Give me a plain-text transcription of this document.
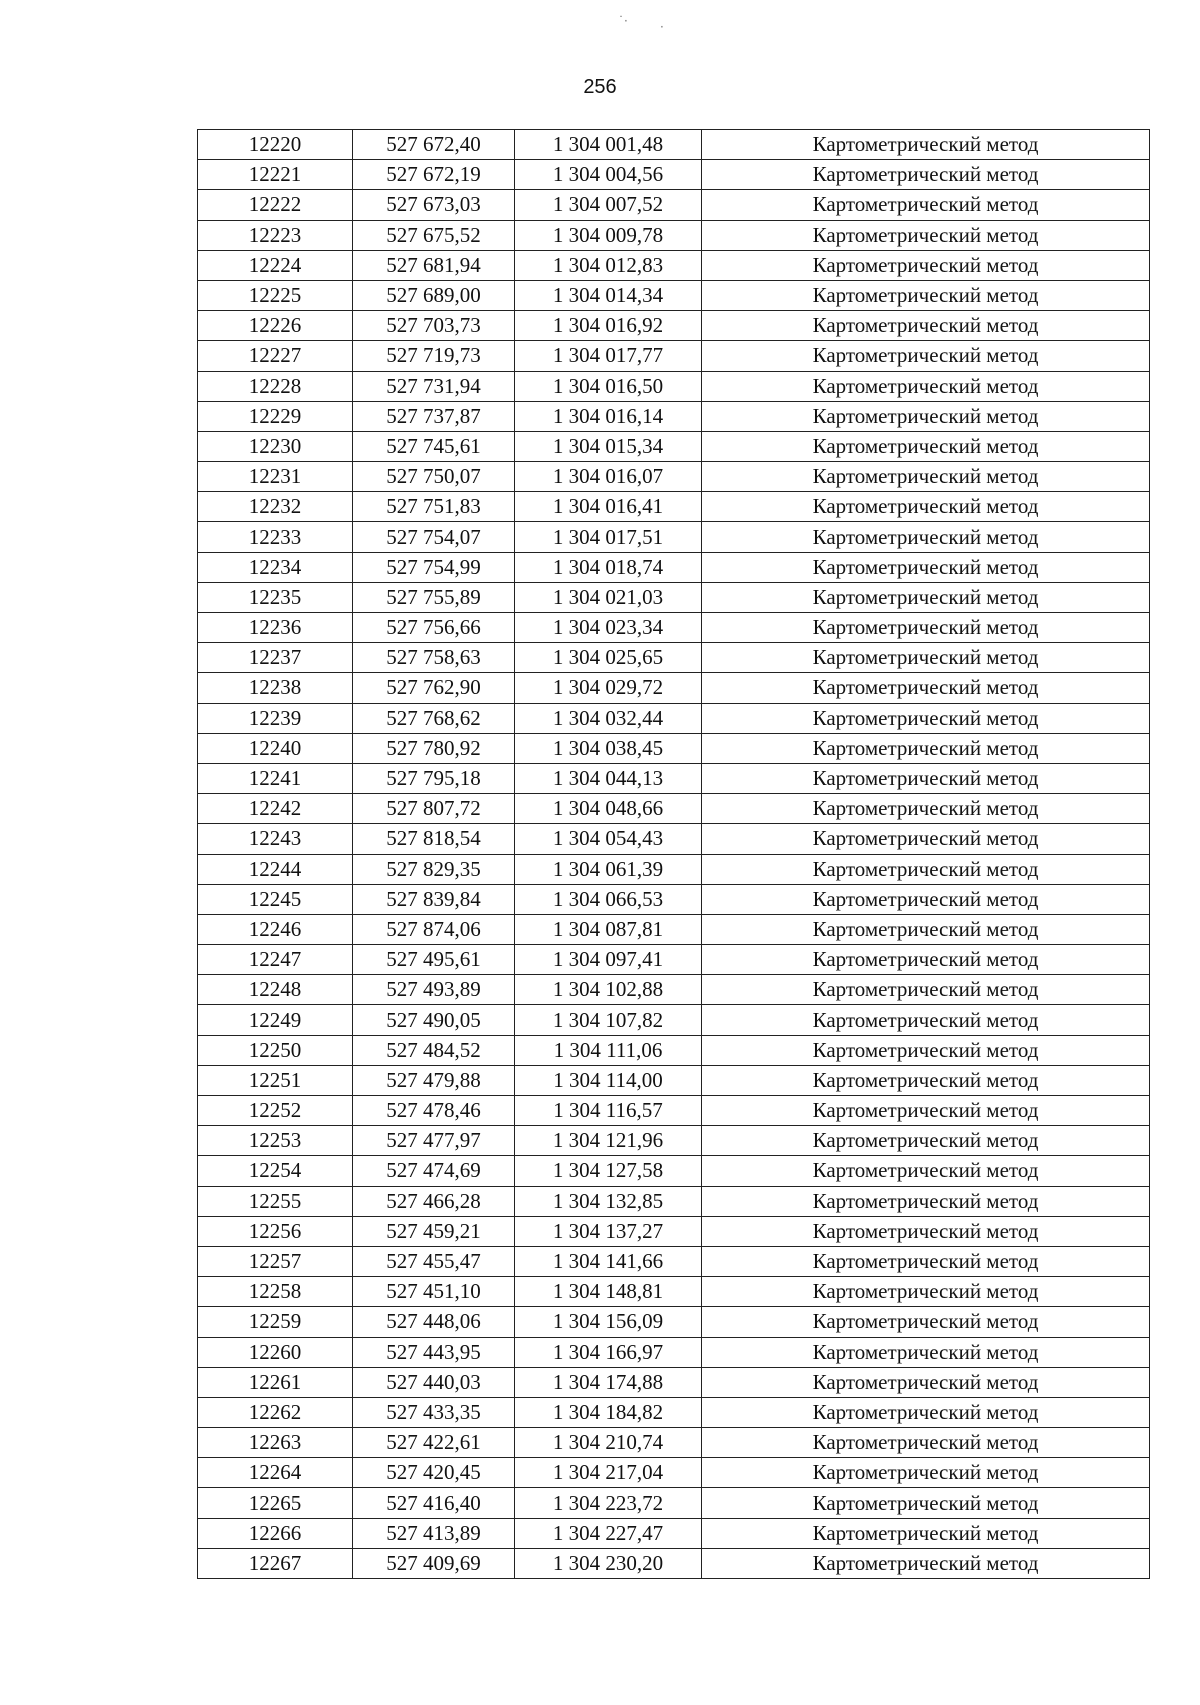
˙·	·
256
12220	527 672,40	1 304 001,48	Картометрический метод
12221	527 672,19	1 304 004,56	Картометрический метод
12222	527 673,03	1 304 007,52	Картометрический метод
12223	527 675,52	1 304 009,78	Картометрический метод
12224	527 681,94	1 304 012,83	Картометрический метод
12225	527 689,00	1 304 014,34	Картометрический метод
12226	527 703,73	1 304 016,92	Картометрический метод
12227	527 719,73	1 304 017,77	Картометрический метод
12228	527 731,94	1 304 016,50	Картометрический метод
12229	527 737,87	1 304 016,14	Картометрический метод
12230	527 745,61	1 304 015,34	Картометрический метод
12231	527 750,07	1 304 016,07	Картометрический метод
12232	527 751,83	1 304 016,41	Картометрический метод
12233	527 754,07	1 304 017,51	Картометрический метод
12234	527 754,99	1 304 018,74	Картометрический метод
12235	527 755,89	1 304 021,03	Картометрический метод
12236	527 756,66	1 304 023,34	Картометрический метод
12237	527 758,63	1 304 025,65	Картометрический метод
12238	527 762,90	1 304 029,72	Картометрический метод
12239	527 768,62	1 304 032,44	Картометрический метод
12240	527 780,92	1 304 038,45	Картометрический метод
12241	527 795,18	1 304 044,13	Картометрический метод
12242	527 807,72	1 304 048,66	Картометрический метод
12243	527 818,54	1 304 054,43	Картометрический метод
12244	527 829,35	1 304 061,39	Картометрический метод
12245	527 839,84	1 304 066,53	Картометрический метод
12246	527 874,06	1 304 087,81	Картометрический метод
12247	527 495,61	1 304 097,41	Картометрический метод
12248	527 493,89	1 304 102,88	Картометрический метод
12249	527 490,05	1 304 107,82	Картометрический метод
12250	527 484,52	1 304 111,06	Картометрический метод
12251	527 479,88	1 304 114,00	Картометрический метод
12252	527 478,46	1 304 116,57	Картометрический метод
12253	527 477,97	1 304 121,96	Картометрический метод
12254	527 474,69	1 304 127,58	Картометрический метод
12255	527 466,28	1 304 132,85	Картометрический метод
12256	527 459,21	1 304 137,27	Картометрический метод
12257	527 455,47	1 304 141,66	Картометрический метод
12258	527 451,10	1 304 148,81	Картометрический метод
12259	527 448,06	1 304 156,09	Картометрический метод
12260	527 443,95	1 304 166,97	Картометрический метод
12261	527 440,03	1 304 174,88	Картометрический метод
12262	527 433,35	1 304 184,82	Картометрический метод
12263	527 422,61	1 304 210,74	Картометрический метод
12264	527 420,45	1 304 217,04	Картометрический метод
12265	527 416,40	1 304 223,72	Картометрический метод
12266	527 413,89	1 304 227,47	Картометрический метод
12267	527 409,69	1 304 230,20	Картометрический метод
